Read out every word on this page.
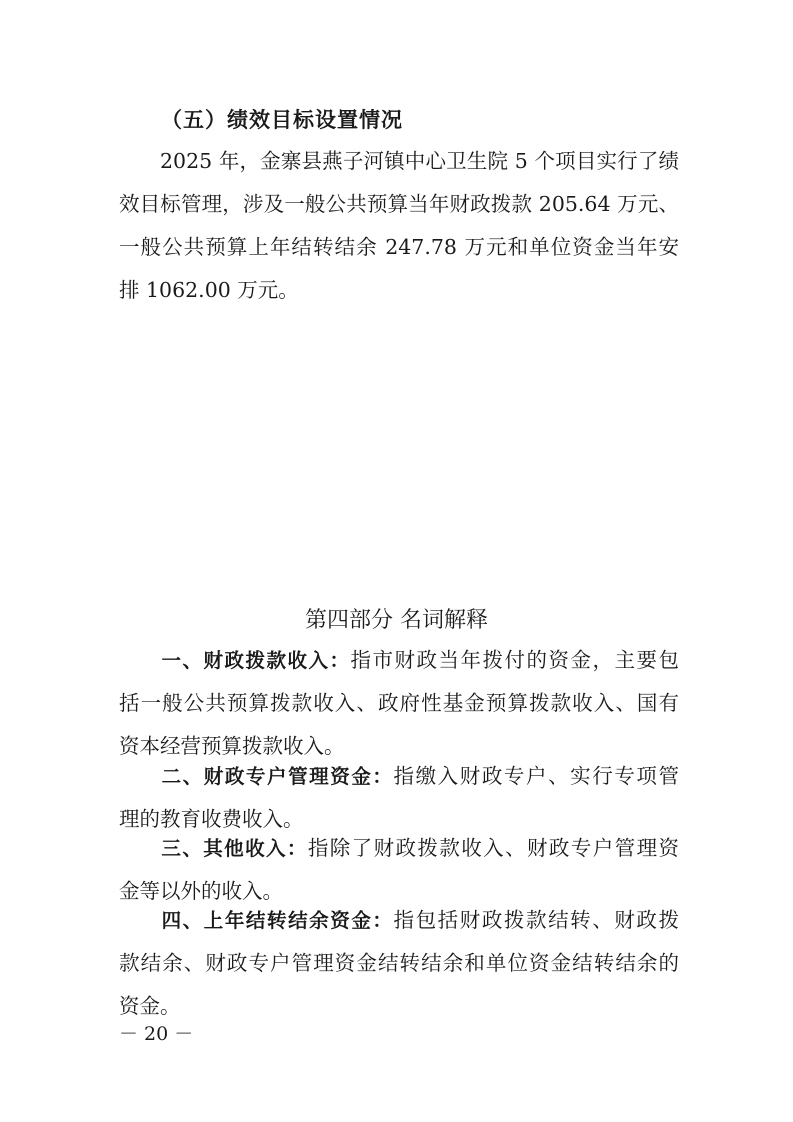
（五）绩效目标设置情况
2025 年，金寨县燕子河镇中心卫生院 5 个项目实行了绩
效目标管理，涉及一般公共预算当年财政拨款 205.64 万元、
一般公共预算上年结转结余 247.78 万元和单位资金当年安
排 1062.00 万元。
第四部分 名词解释
一、财政拨款收入：指市财政当年拨付的资金，主要包
括一般公共预算拨款收入、政府性基金预算拨款收入、国有
资本经营预算拨款收入。
二、财政专户管理资金：指缴入财政专户、实行专项管
理的教育收费收入。
三、其他收入：指除了财政拨款收入、财政专户管理资
金等以外的收入。
四、上年结转结余资金：指包括财政拨款结转、财政拨
款结余、财政专户管理资金结转结余和单位资金结转结余的
资金。
－ 20 －
